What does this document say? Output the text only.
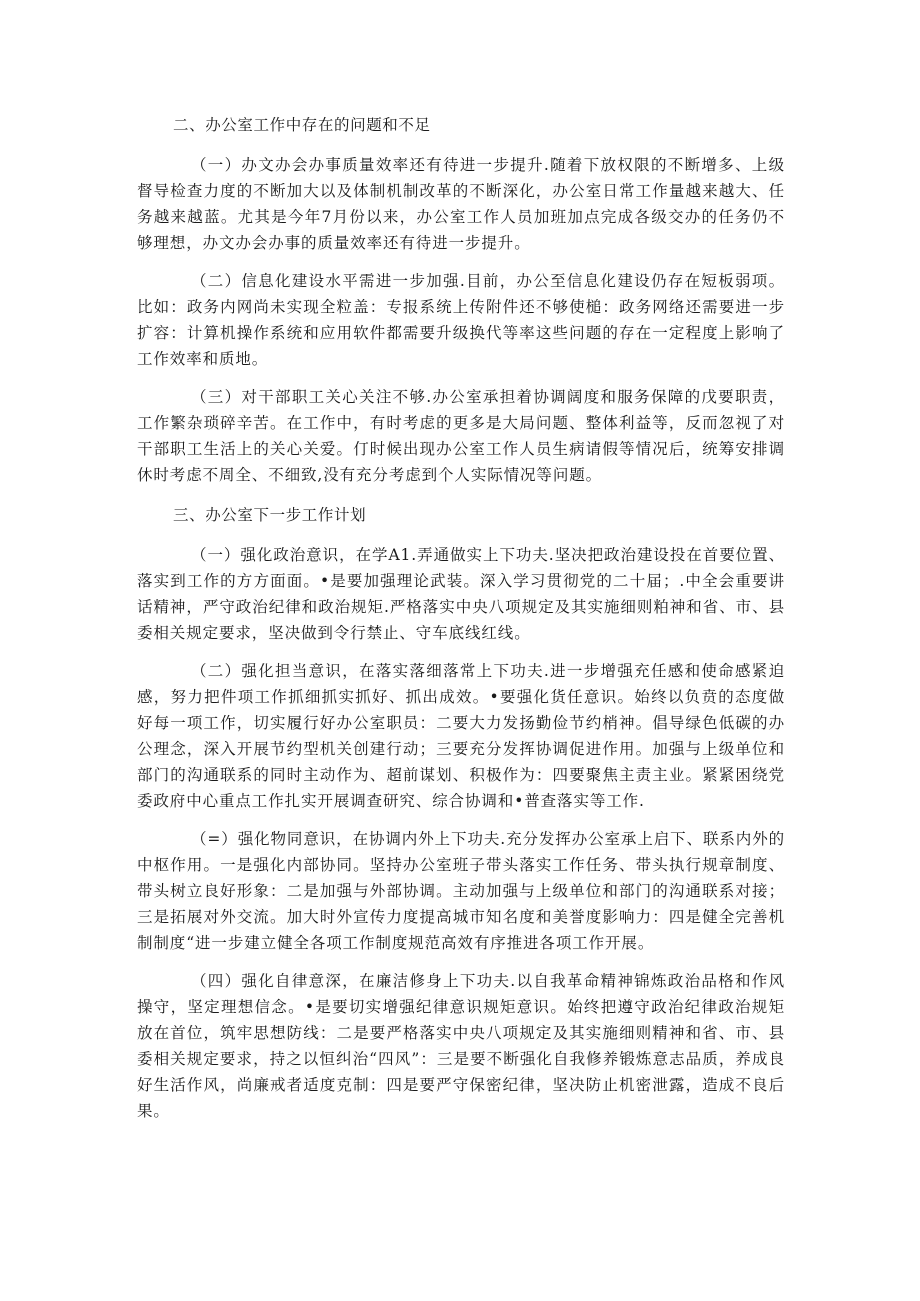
二、办公室工作中存在的问题和不足

（一）办文办会办事质量效率还有待进一步提升.随着下放权限的不断增多、上级督导检查力度的不断加大以及体制机制改革的不断深化，办公室日常工作量越来越大、任务越来越蓝。尤其是今年7月份以来，办公室工作人员加班加点完成各级交办的任务仍不够理想，办文办会办事的质量效率还有待进一步提升。

（二）信息化建设水平需进一步加强.目前，办公至信息化建设仍存在短板弱项。比如：政务内网尚未实现全粒盖：专报系统上传附件还不够使槌：政务网络还需要进一步扩容：计算机操作系统和应用软件都需要升级换代等率这些问题的存在一定程度上影响了工作效率和质地。

（三）对干部职工关心关注不够.办公室承担着协调阔度和服务保障的戊要职责，工作繁杂琐碎辛苦。在工作中，有时考虑的更多是大局问题、整体利益等，反而忽视了对干部职工生活上的关心关爱。仃时候出现办公室工作人员生病请假等情况后，统筹安排调休时考虑不周全、不细致,没有充分考虑到个人实际情况等问题。

三、办公室下一步工作计划

（一）强化政治意识，在学A1.弄通做实上下功夫.坚决把政治建设投在首要位置、落实到工作的方方面面。•是要加强理论武装。深入学习贯彻党的二十届；.中全会重要讲话精神，严守政治纪律和政治规矩.严格落实中央八项规定及其实施细则粕神和省、市、县委相关规定要求，坚决做到令行禁止、守车底线红线。

（二）强化担当意识，在落实落细落常上下功夫.进一步增强充任感和使命感紧迫感，努力把件项工作抓细抓实抓好、抓出成效。•要强化货任意识。始终以负贲的态度做好每一项工作，切实履行好办公室职员：二要大力发扬勤俭节约梢神。倡导绿色低碳的办公理念，深入开展节约型机关创建行动；三要充分发挥协调促进作用。加强与上级单位和部门的沟通联系的同时主动作为、超前谋划、积极作为：四要聚焦主责主业。紧紧困绕党委政府中心重点工作扎实开展调查研究、综合协调和•普查落实等工作.

（=）强化物同意识，在协调内外上下功夫.充分发挥办公室承上启下、联系内外的中枢作用。一是强化内部协同。坚持办公室班子带头落实工作任务、带头执行规章制度、带头树立良好形象：二是加强与外部协调。主动加强与上级单位和部门的沟通联系对接；三是拓展对外交流。加大时外宣传力度提高城市知名度和美誉度影响力：四是健全完善机制制度“进一步建立健全各项工作制度规范高效有序推进各项工作开展。

（四）强化自律意深，在廉洁修身上下功夫.以自我革命精神锦炼政治品格和作风操守，坚定理想信念。•是要切实增强纪律意识规矩意识。始终把遵守政治纪律政治规矩放在首位，筑牢思想防线：二是要严格落实中央八项规定及其实施细则精神和省、市、县委相关规定要求，持之以恒纠治“四风”：三是要不断强化自我修养锻炼意志品质，养成良好生活作风，尚廉戒者适度克制：四是要严守保密纪律，坚决防止机密泄露，造成不良后果。
